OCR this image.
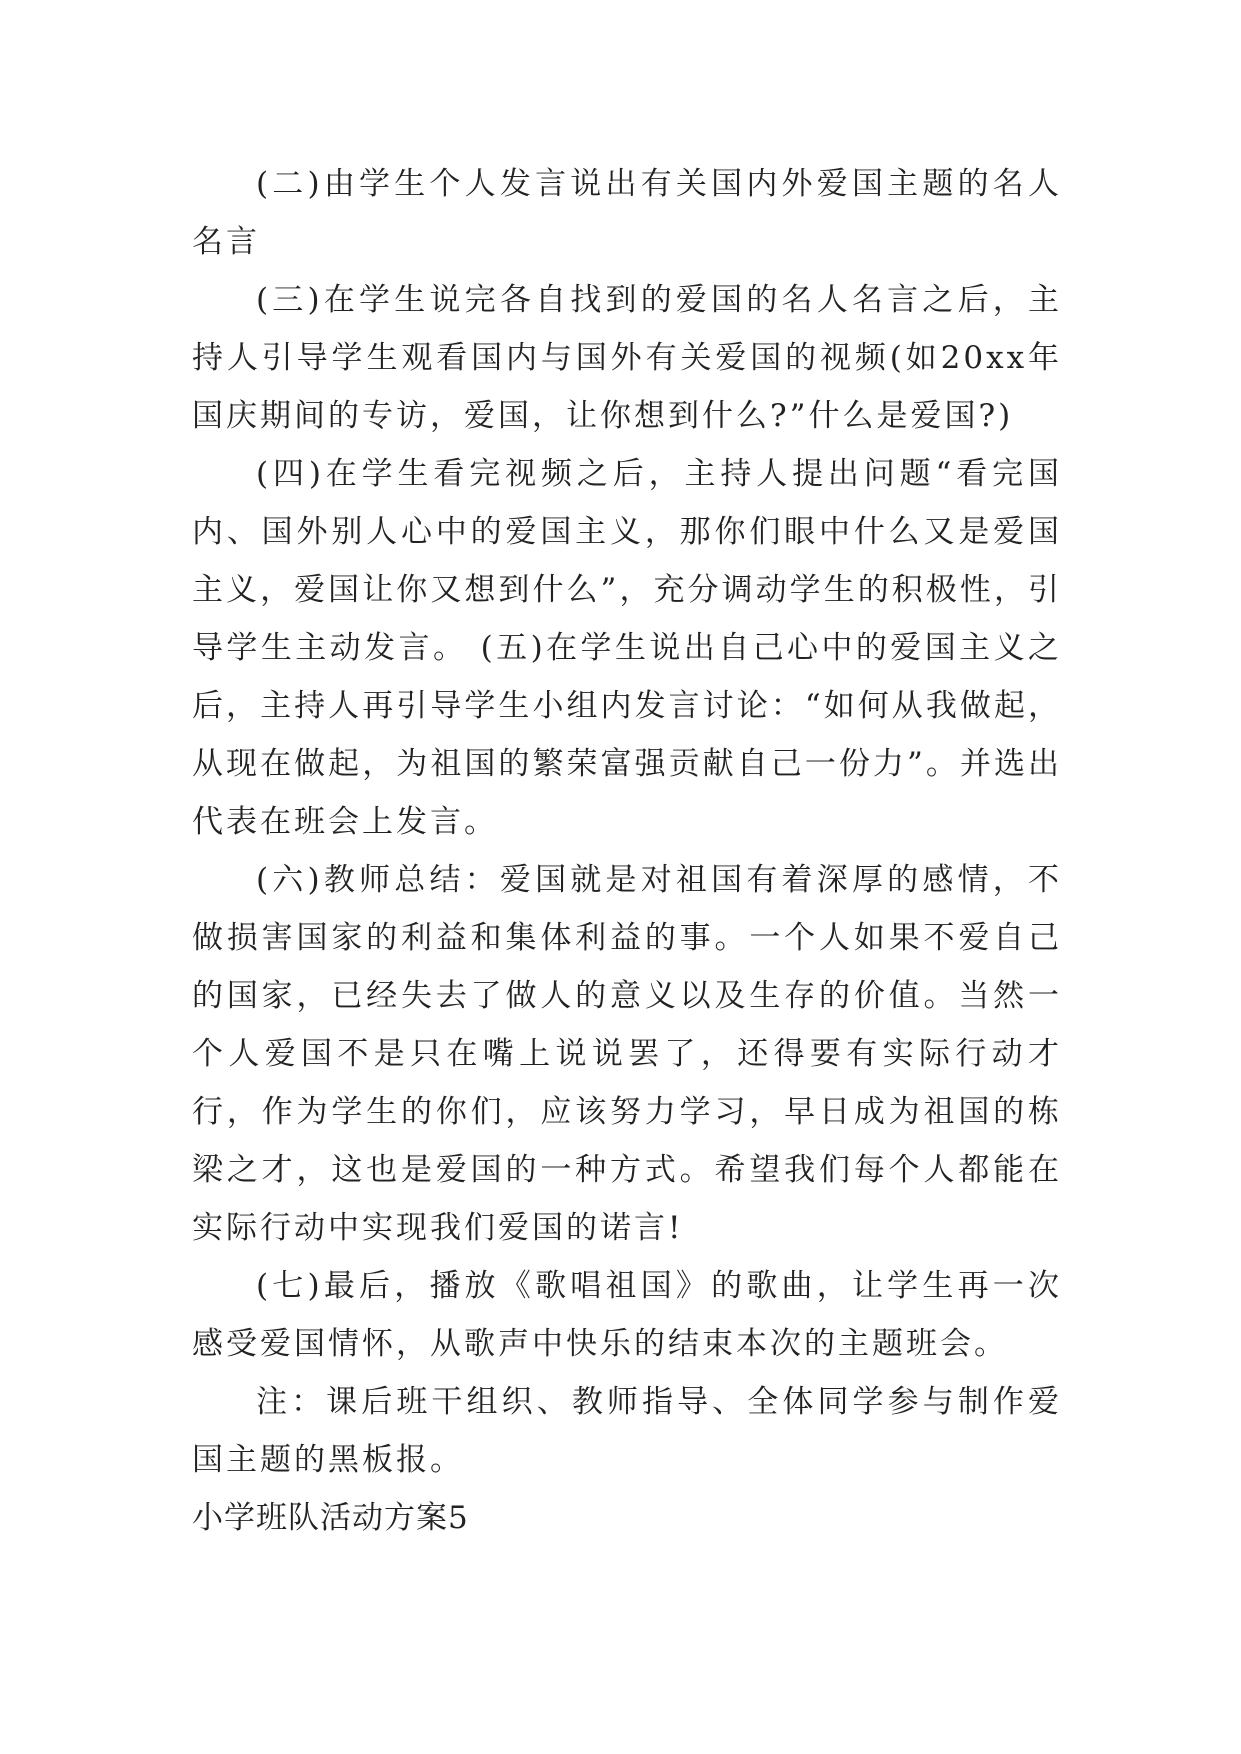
(二)由学生个人发言说出有关国内外爱国主题的名人名言

(三)在学生说完各自找到的爱国的名人名言之后，主持人引导学生观看国内与国外有关爱国的视频(如20xx年国庆期间的专访，爱国，让你想到什么?”什么是爱国?)

(四)在学生看完视频之后，主持人提出问题“看完国内、国外别人心中的爱国主义，那你们眼中什么又是爱国主义，爱国让你又想到什么”，充分调动学生的积极性，引导学生主动发言。 (五)在学生说出自己心中的爱国主义之后，主持人再引导学生小组内发言讨论：“如何从我做起，从现在做起，为祖国的繁荣富强贡献自己一份力”。并选出代表在班会上发言。

(六)教师总结：爱国就是对祖国有着深厚的感情，不做损害国家的利益和集体利益的事。一个人如果不爱自己的国家，已经失去了做人的意义以及生存的价值。当然一个人爱国不是只在嘴上说说罢了，还得要有实际行动才行，作为学生的你们，应该努力学习，早日成为祖国的栋梁之才，这也是爱国的一种方式。希望我们每个人都能在实际行动中实现我们爱国的诺言!

(七)最后，播放《歌唱祖国》的歌曲，让学生再一次感受爱国情怀，从歌声中快乐的结束本次的主题班会。

注：课后班干组织、教师指导、全体同学参与制作爱国主题的黑板报。

小学班队活动方案5
